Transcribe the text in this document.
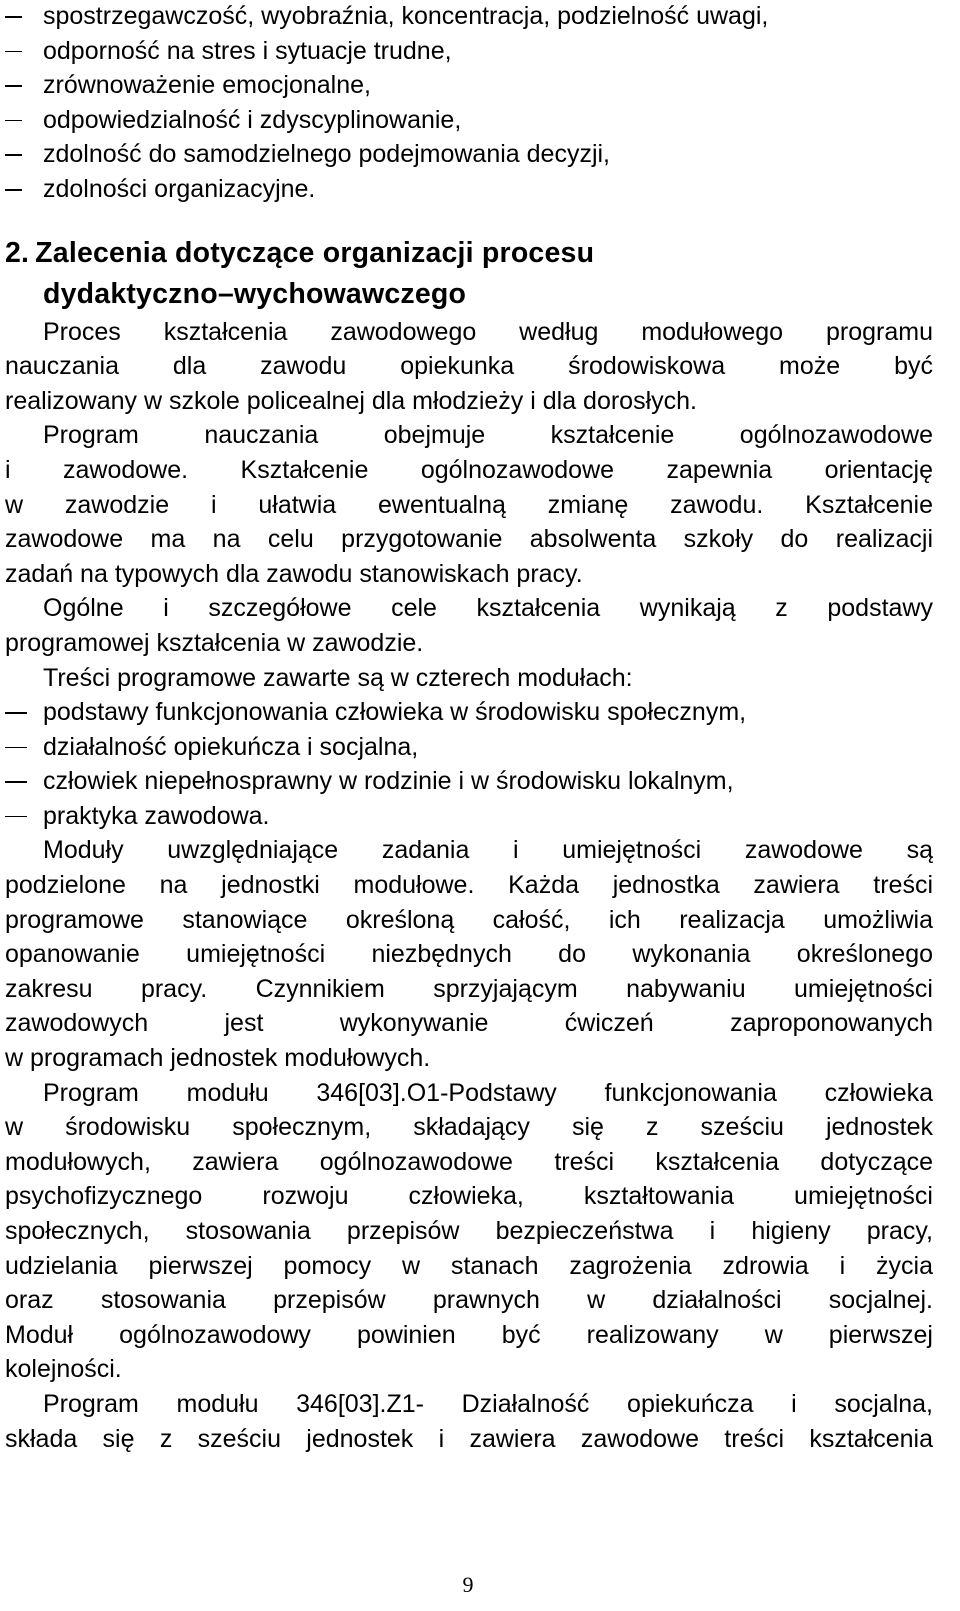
spostrzegawczość, wyobraźnia, koncentracja, podzielność uwagi,
odporność na stres i sytuacje trudne,
zrównoważenie emocjonalne,
odpowiedzialność i zdyscyplinowanie,
zdolność do samodzielnego podejmowania decyzji,
zdolności organizacyjne.
2. Zalecenia dotyczące organizacji procesu
dydaktyczno–wychowawczego
Proces kształcenia zawodowego według modułowego programu
nauczania dla zawodu opiekunka środowiskowa może być
realizowany w szkole policealnej dla młodzieży i dla dorosłych.
Program nauczania obejmuje kształcenie ogólnozawodowe
i zawodowe. Kształcenie ogólnozawodowe zapewnia orientację
w zawodzie i ułatwia ewentualną zmianę zawodu. Kształcenie
zawodowe ma na celu przygotowanie absolwenta szkoły do realizacji
zadań na typowych dla zawodu stanowiskach pracy.
Ogólne i szczegółowe cele kształcenia wynikają z podstawy
programowej kształcenia w zawodzie.
Treści programowe zawarte są w czterech modułach:
podstawy funkcjonowania człowieka w środowisku społecznym,
działalność opiekuńcza i socjalna,
człowiek niepełnosprawny w rodzinie i w środowisku lokalnym,
praktyka zawodowa.
Moduły uwzględniające zadania i umiejętności zawodowe są
podzielone na jednostki modułowe. Każda jednostka zawiera treści
programowe stanowiące określoną całość, ich realizacja umożliwia
opanowanie umiejętności niezbędnych do wykonania określonego
zakresu pracy. Czynnikiem sprzyjającym nabywaniu umiejętności
zawodowych jest wykonywanie ćwiczeń zaproponowanych
w programach jednostek modułowych.
Program modułu 346[03].O1-Podstawy funkcjonowania człowieka
w środowisku społecznym, składający się z sześciu jednostek
modułowych, zawiera ogólnozawodowe treści kształcenia dotyczące
psychofizycznego rozwoju człowieka, kształtowania umiejętności
społecznych, stosowania przepisów bezpieczeństwa i higieny pracy,
udzielania pierwszej pomocy w stanach zagrożenia zdrowia i życia
oraz stosowania przepisów prawnych w działalności socjalnej.
Moduł ogólnozawodowy powinien być realizowany w pierwszej
kolejności.
Program modułu 346[03].Z1- Działalność opiekuńcza i socjalna,
składa się z sześciu jednostek i zawiera zawodowe treści kształcenia
9
